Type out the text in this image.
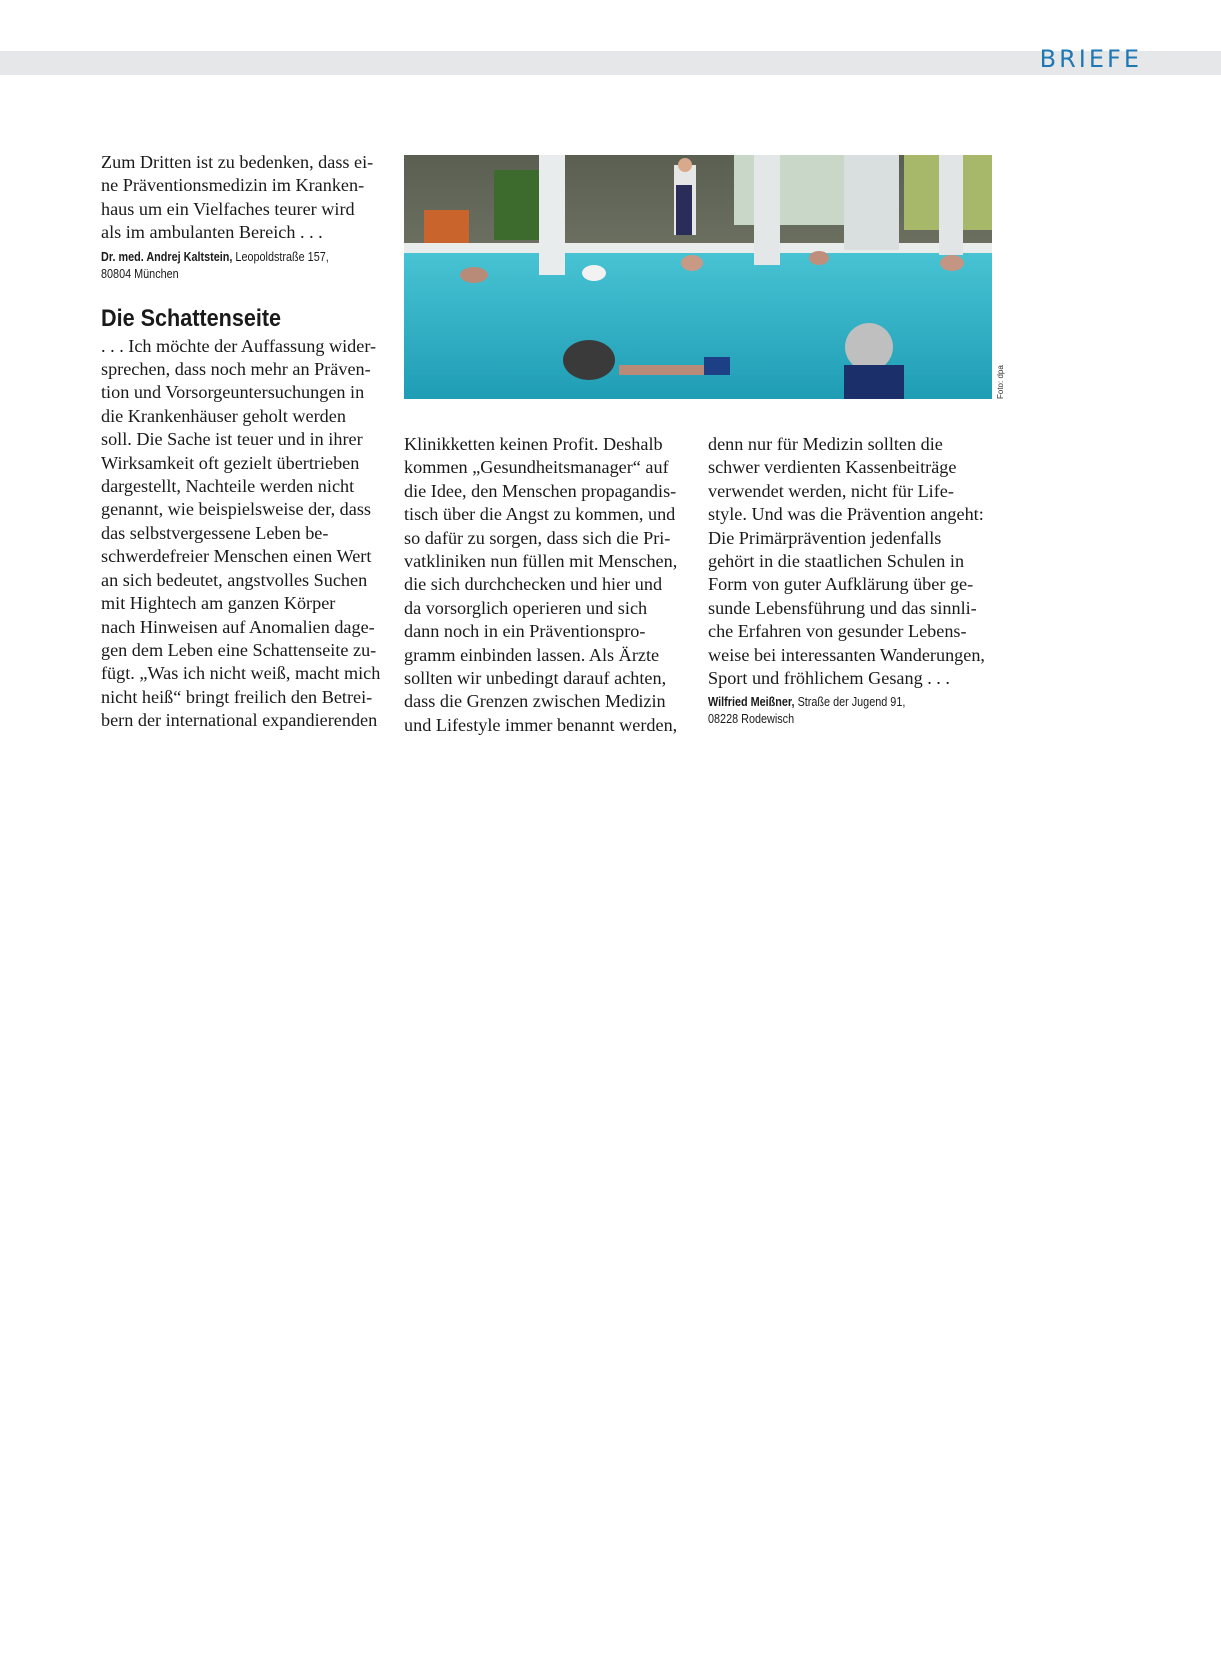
BRIEFE
Zum Dritten ist zu bedenken, dass ei-
ne Präventionsmedizin im Kranken-
haus um ein Vielfaches teurer wird
als im ambulanten Bereich . . .
Dr. med. Andrej Kaltstein, Leopoldstraße 157,
80804 München
Die Schattenseite
. . . Ich möchte der Auffassung wider-
sprechen, dass noch mehr an Präven-
tion und Vorsorgeuntersuchungen in
die Krankenhäuser geholt werden
soll. Die Sache ist teuer und in ihrer
Wirksamkeit oft gezielt übertrieben
dargestellt, Nachteile werden nicht
genannt, wie beispielsweise der, dass
das selbstvergessene Leben be-
schwerdefreier Menschen einen Wert
an sich bedeutet, angstvolles Suchen
mit Hightech am ganzen Körper
nach Hinweisen auf Anomalien dage-
gen dem Leben eine Schattenseite zu-
fügt. „Was ich nicht weiß, macht mich
nicht heiß“ bringt freilich den Betrei-
bern der international expandierenden
Foto: dpa
Klinikketten keinen Profit. Deshalb
kommen „Gesundheitsmanager“ auf
die Idee, den Menschen propagandis-
tisch über die Angst zu kommen, und
so dafür zu sorgen, dass sich die Pri-
vatkliniken nun füllen mit Menschen,
die sich durchchecken und hier und
da vorsorglich operieren und sich
dann noch in ein Präventionspro-
gramm einbinden lassen. Als Ärzte
sollten wir unbedingt darauf achten,
dass die Grenzen zwischen Medizin
und Lifestyle immer benannt werden,
denn nur für Medizin sollten die
schwer verdienten Kassenbeiträge
verwendet werden, nicht für Life-
style. Und was die Prävention angeht:
Die Primärprävention jedenfalls
gehört in die staatlichen Schulen in
Form von guter Aufklärung über ge-
sunde Lebensführung und das sinnli-
che Erfahren von gesunder Lebens-
weise bei interessanten Wanderungen,
Sport und fröhlichem Gesang . . .
Wilfried Meißner, Straße der Jugend 91,
08228 Rodewisch
